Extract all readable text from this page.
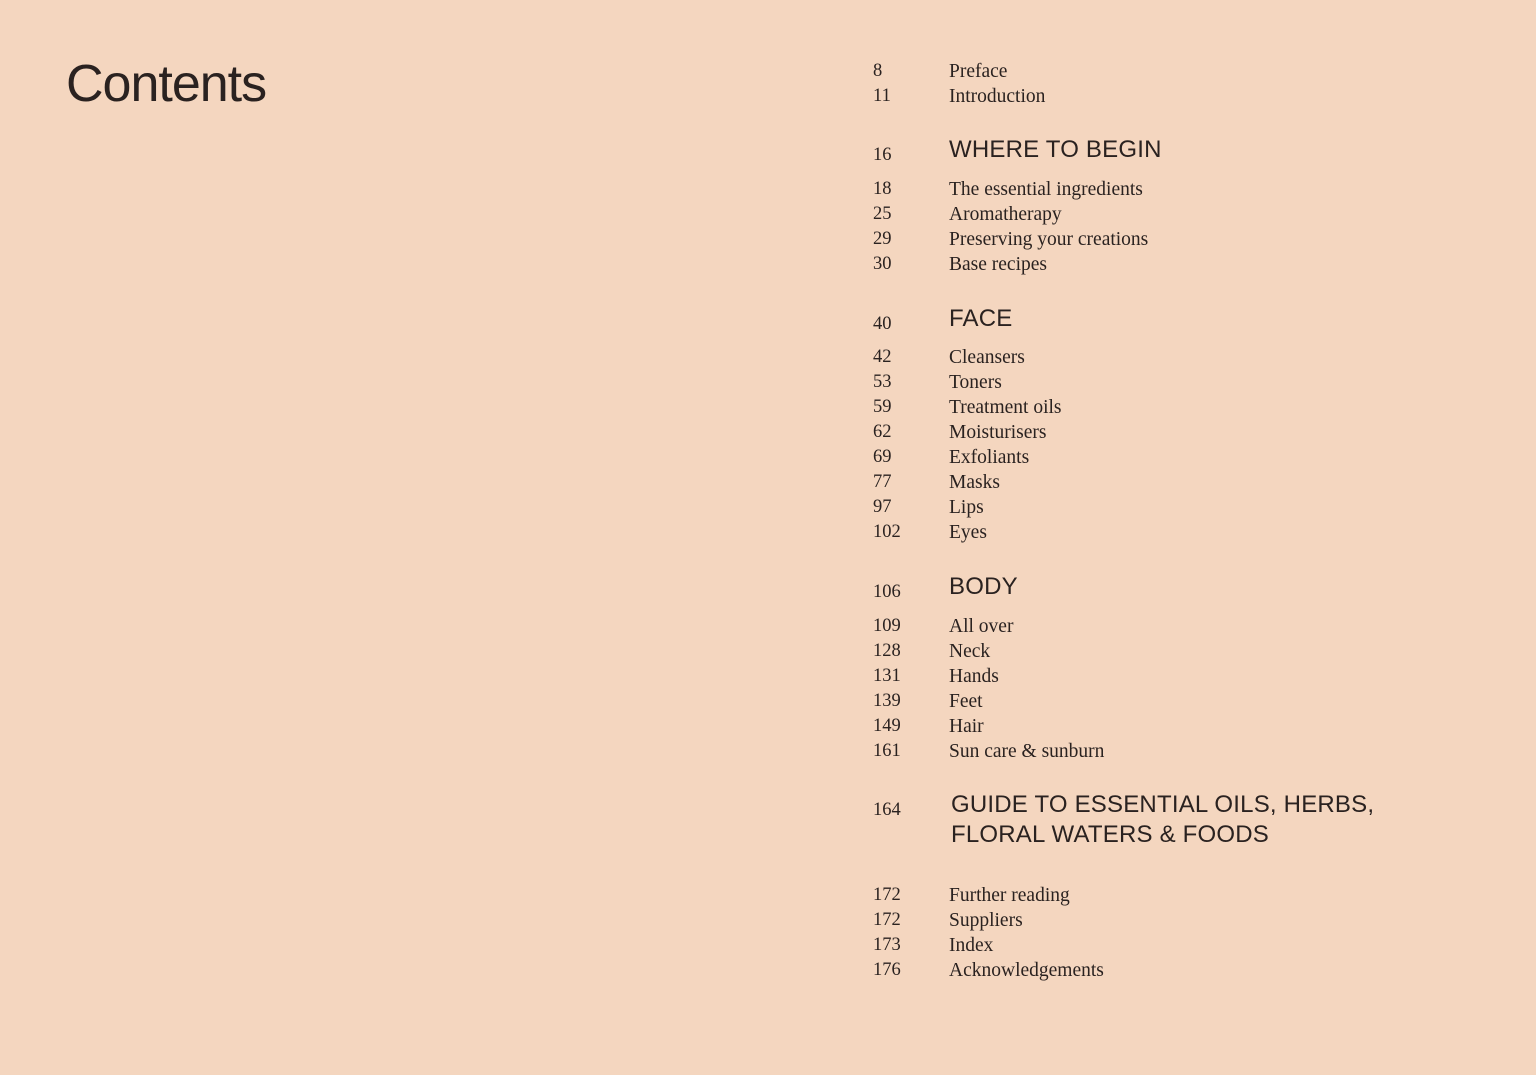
Contents	8	Preface
11	Introduction
16 WHERE TO BEGIN
18	The essential ingredients
25	Aromatherapy
29	Preserving your creations
30	Base recipes
40 FACE
42	Cleansers
53	Toners
59	Treatment oils
62	Moisturisers
69	Exfoliants
77	Masks
97	Lips
102 Eyes
106 BODY
109 All over
128 Neck
131 Hands
139 Feet
149 Hair
161 Sun care & sunburn
164 GUIDE TO ESSENTIAL OILS, HERBS, FLORAL WATERS & FOODS
172 Further reading
172 Suppliers
173 Index
176 Acknowledgements
